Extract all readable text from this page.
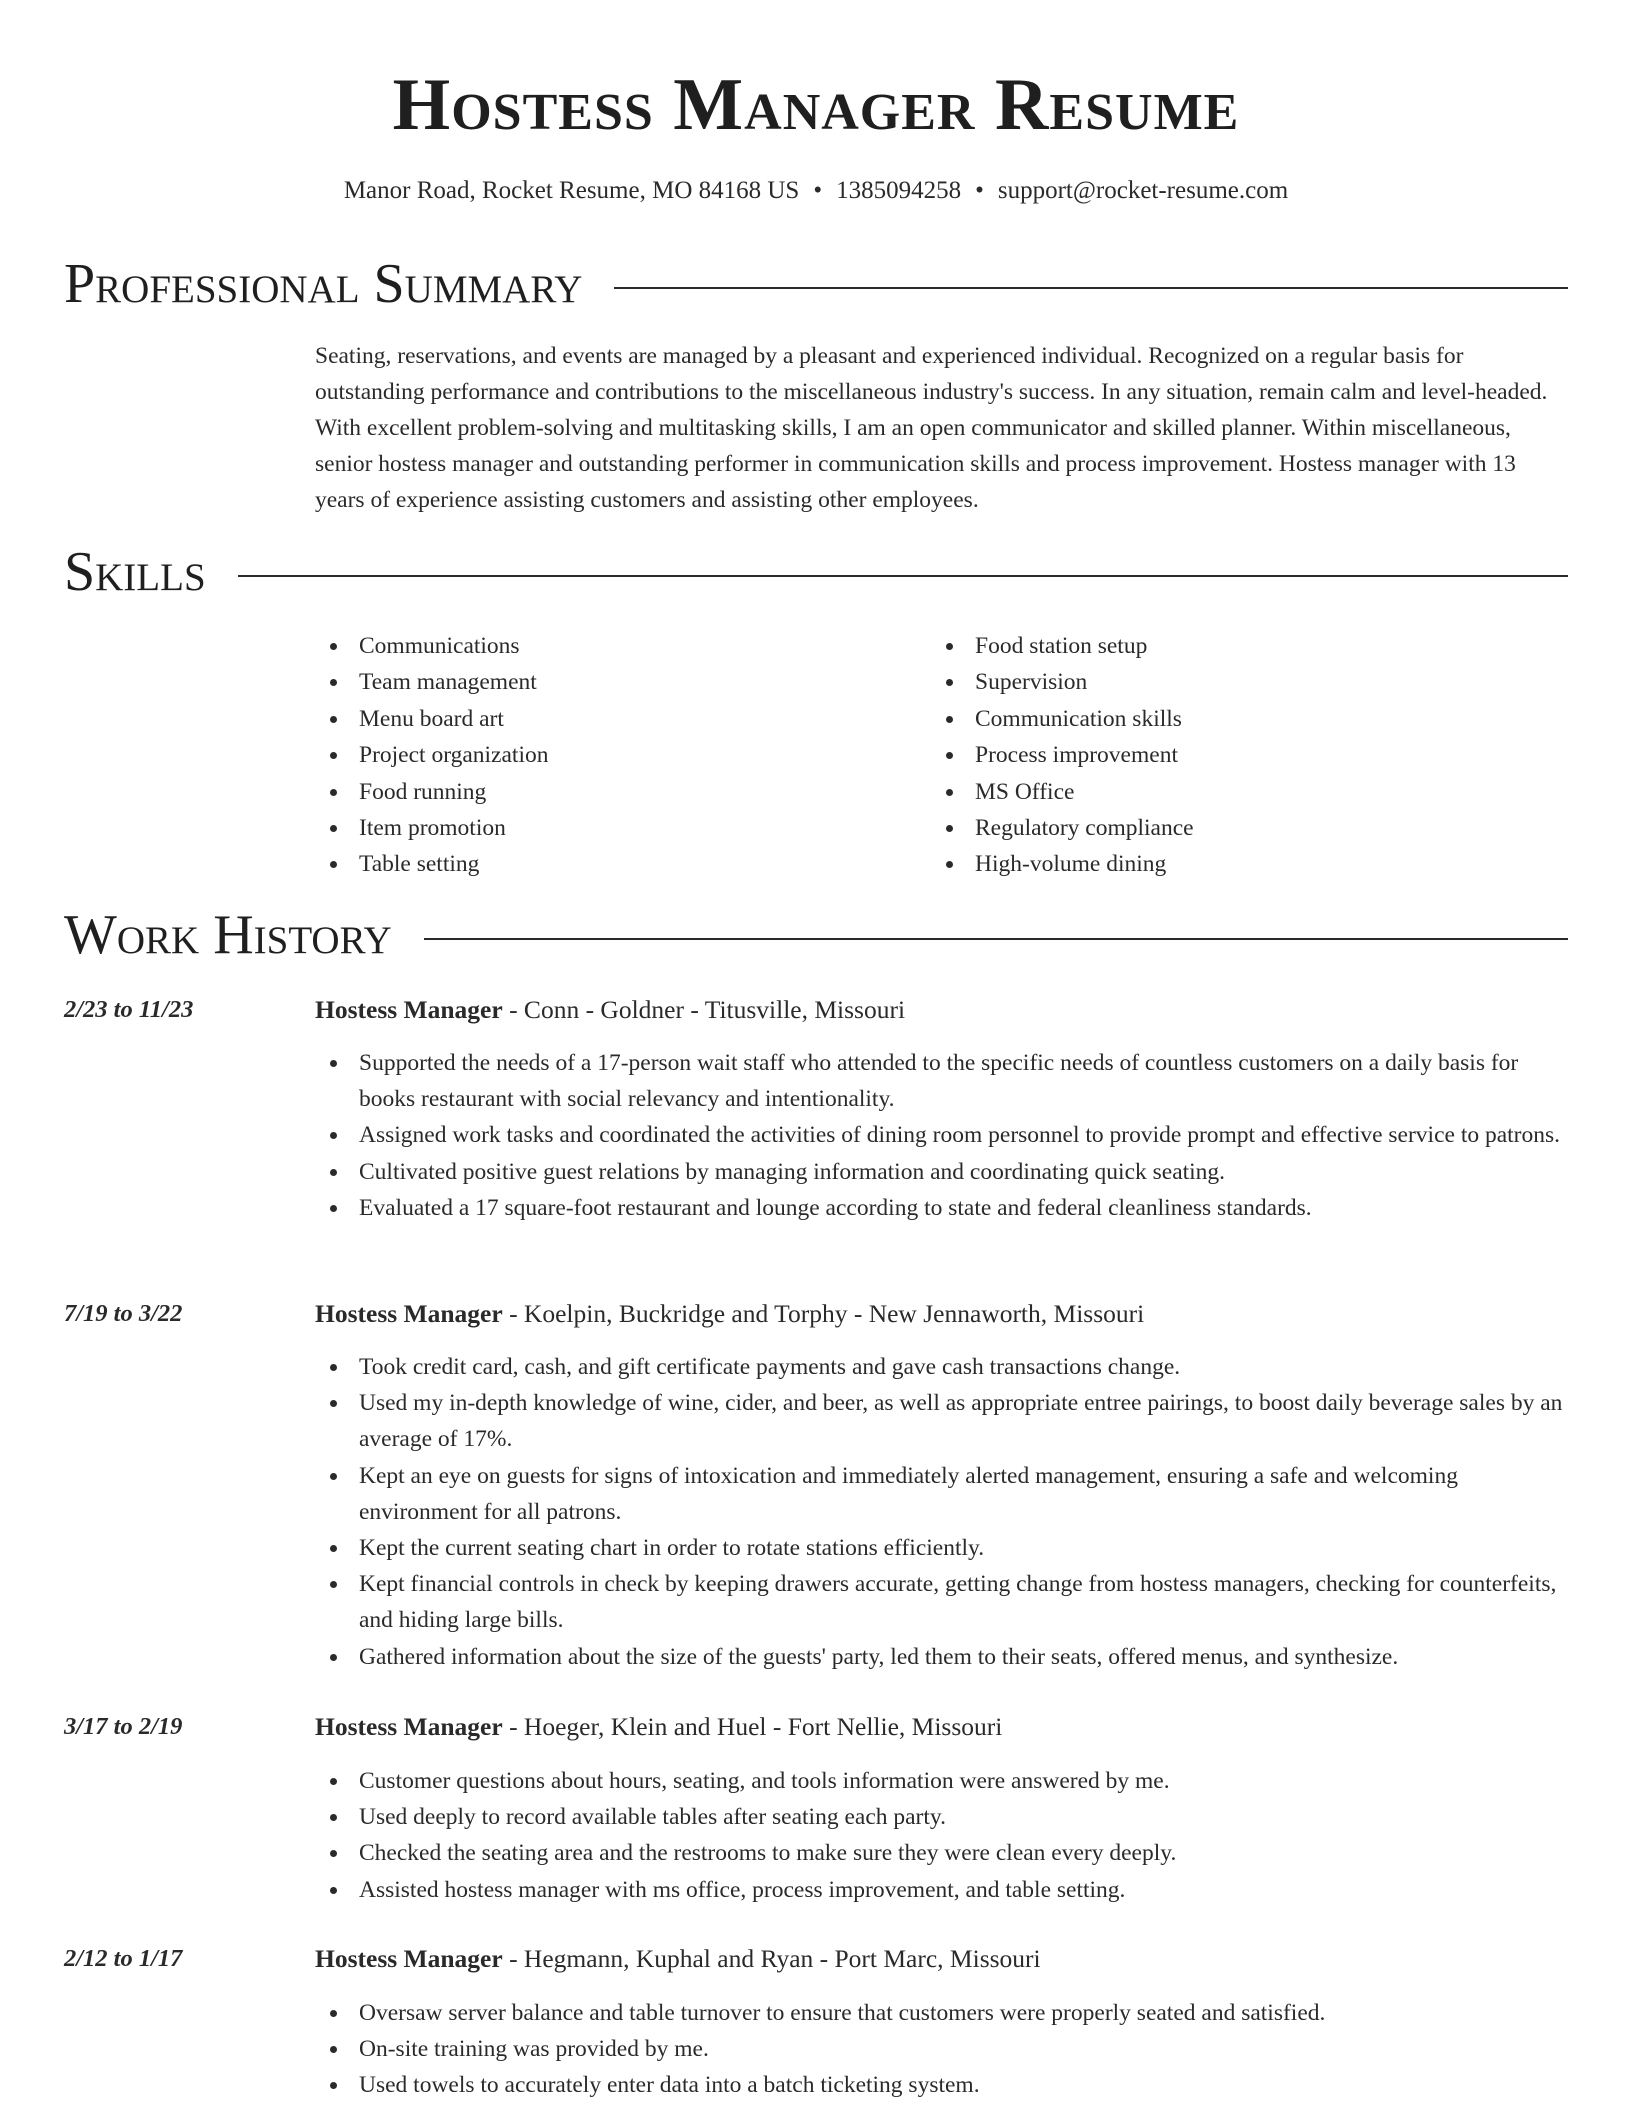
Hostess Manager Resume
Manor Road, Rocket Resume, MO 84168 US • 1385094258 • support@rocket-resume.com
Professional Summary

Seating, reservations, and events are managed by a pleasant and experienced individual. Recognized on a regular basis for outstanding performance and contributions to the miscellaneous industry's success. In any situation, remain calm and level-headed. With excellent problem-solving and multitasking skills, I am an open communicator and skilled planner. Within miscellaneous, senior hostess manager and outstanding performer in communication skills and process improvement. Hostess manager with 13 years of experience assisting customers and assisting other employees.

Skills
Communications
Team management
Menu board art
Project organization
Food running
Item promotion
Table setting
Food station setup
Supervision
Communication skills
Process improvement
MS Office
Regulatory compliance
High-volume dining
Work History
2/23 to 11/23	Hostess Manager - Conn - Goldner - Titusville, Missouri
Supported the needs of a 17-person wait staff who attended to the specific needs of countless customers on a daily basis for books restaurant with social relevancy and intentionality.
Assigned work tasks and coordinated the activities of dining room personnel to provide prompt and effective service to patrons.
Cultivated positive guest relations by managing information and coordinating quick seating.
Evaluated a 17 square-foot restaurant and lounge according to state and federal cleanliness standards.
7/19 to 3/22	Hostess Manager - Koelpin, Buckridge and Torphy - New Jennaworth, Missouri
Took credit card, cash, and gift certificate payments and gave cash transactions change.
Used my in-depth knowledge of wine, cider, and beer, as well as appropriate entree pairings, to boost daily beverage sales by an average of 17%.
Kept an eye on guests for signs of intoxication and immediately alerted management, ensuring a safe and welcoming environment for all patrons.
Kept the current seating chart in order to rotate stations efficiently.
Kept financial controls in check by keeping drawers accurate, getting change from hostess managers, checking for counterfeits, and hiding large bills.
Gathered information about the size of the guests' party, led them to their seats, offered menus, and synthesize.
3/17 to 2/19	Hostess Manager - Hoeger, Klein and Huel - Fort Nellie, Missouri
Customer questions about hours, seating, and tools information were answered by me.
Used deeply to record available tables after seating each party.
Checked the seating area and the restrooms to make sure they were clean every deeply.
Assisted hostess manager with ms office, process improvement, and table setting.
2/12 to 1/17	Hostess Manager - Hegmann, Kuphal and Ryan - Port Marc, Missouri
Oversaw server balance and table turnover to ensure that customers were properly seated and satisfied.
On-site training was provided by me.
Used towels to accurately enter data into a batch ticketing system.
